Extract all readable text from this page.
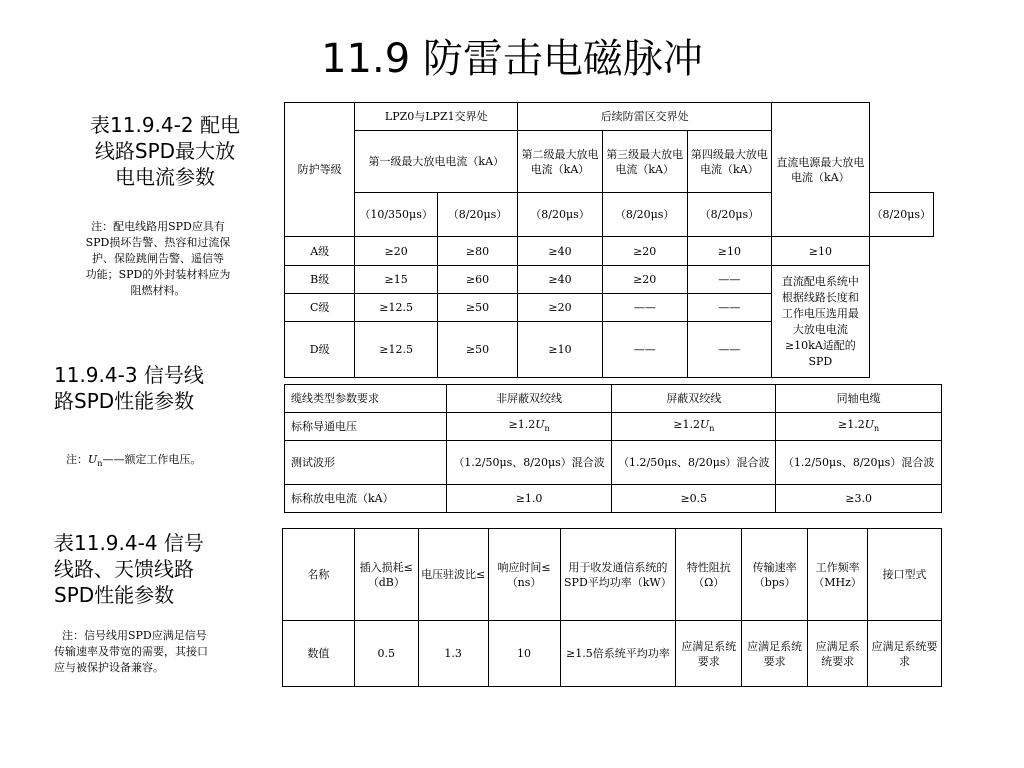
11.9 防雷击电磁脉冲
表11.9.4-2 配电
线路SPD最大放
电电流参数
注：配电线路用SPD应具有
SPD损坏告警、热容和过流保
护、保险跳闸告警、遥信等
功能；SPD的外封装材料应为
阻燃材料。
防护等级	LPZ0与LPZ1交界处		后续防雷区交界处			直流电源最大放电电流（kA）	
	第一级最大放电电流（kA）		第二级最大放电电流（kA）	第三级最大放电电流（kA）	第四级最大放电电流（kA）		
	（10/350μs）	（8/20μs）	（8/20μs）	（8/20μs）	（8/20μs）		（8/20μs）
A级	≥20	≥80	≥40	≥20	≥10	≥10	
B级	≥15	≥60	≥40	≥20	——	直流配电系统中根据线路长度和工作电压选用最大放电电流≥10kA适配的SPD	
C级	≥12.5	≥50	≥20	——	——		
D级	≥12.5	≥50	≥10	——	——		
11.9.4-3 信号线
路SPD性能参数
注：$U_n——$额定工作电压。
缆线类型参数要求	非屏蔽双绞线	屏蔽双绞线	同轴电缆
标称导通电压	$\ge 1.2U_n$	$\ge 1.2U_n$	$\ge 1.2U_n$
测试波形	（1.2/50μs、8/20μs）混合波	（1.2/50μs、8/20μs）混合波	（1.2/50μs、8/20μs）混合波
标称放电电流（kA）	≥1.0	≥0.5	≥3.0
表11.9.4-4 信号
线路、天馈线路
SPD性能参数
注：信号线用SPD应满足信号
传输速率及带宽的需要，其接口
应与被保护设备兼容。
名称	插入损耗≤（dB）	电压驻波比≤	响应时间≤（ns）	用于收发通信系统的SPD平均功率（kW）	特性阻抗（Ω）	传输速率（bps）	工作频率（MHz）	接口型式
数值	0.5	1.3	10	≥1.5倍系统平均功率	应满足系统要求	应满足系统要求	应满足系统要求	应满足系统要求
